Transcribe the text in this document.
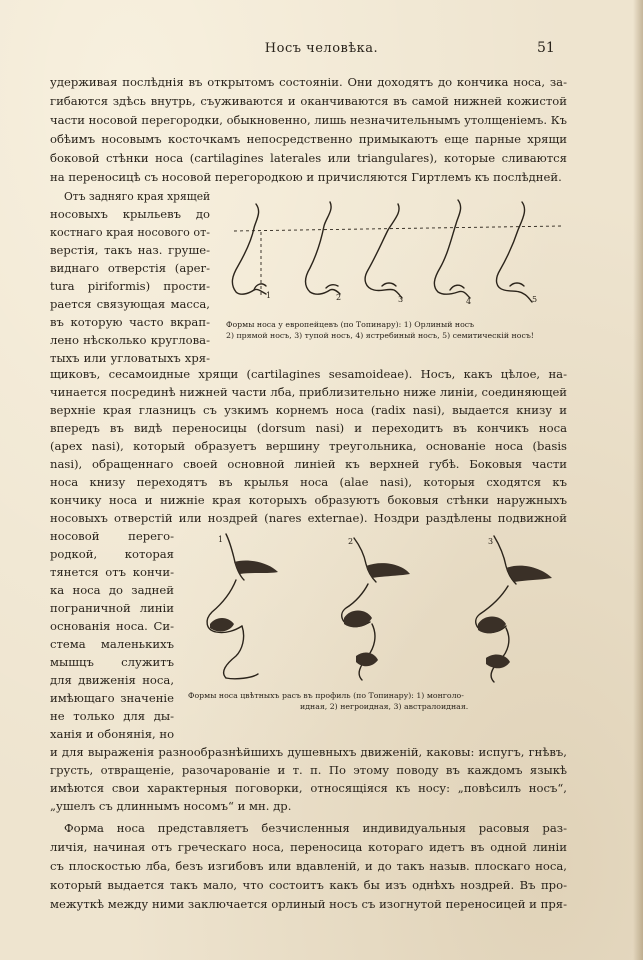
Носъ человѣка.	51
удерживая послѣднія въ открытомъ состояніи. Они доходятъ до кончика носа, за-
гибаются здѣсь внутрь, съуживаются и оканчиваются въ самой нижней кожистой
части носовой перегородки, обыкновенно, лишь незначительнымъ утолщеніемъ. Къ
обѣимъ носовымъ косточкамъ непосредственно примыкаютъ еще парные хрящи
боковой стѣнки носа (cartilagines laterales или triangulares), которые сливаются
на переносицѣ съ носовой перегородкою и причисляются Гиртлемъ къ послѣдней.
Отъ задняго края хрящей
носовыхъ крыльевъ до
костнаго края носового от-
верстія, такъ наз. груше-
виднаго отверстія (aper-
tura piriformis) прости-
рается связующая масса,
въ которую часто вкрап-
лено нѣсколько круглова-
тыхъ или угловатыхъ хря-
1	2	3	4	5
Формы носа у европейцевъ (по Топинару): 1) Орлиный носъ
2) прямой носъ, 3) тупой носъ, 4) ястребиный носъ, 5) семитическій носъ!
щиковъ, сесамоидные хрящи (cartilagines sesamoideae). Носъ, какъ цѣлое, на-
чинается посрединѣ нижней части лба, приблизительно ниже линіи, соединяющей
верхніе края глазницъ съ узкимъ корнемъ носа (radix nasi), выдается книзу и
впередъ въ видѣ переносицы (dorsum nasi) и переходитъ въ кончикъ носа
(apex nasi), который образуетъ вершину треугольника, основаніе носа (basis
nasi), обращеннаго своей основной линіей къ верхней губѣ. Боковыя части
носа книзу переходятъ въ крылья носа (alae nasi), которыя сходятся къ
кончику носа и нижніе края которыхъ образуютъ боковыя стѣнки наружныхъ
носовыхъ отверстій или ноздрей (nares externae). Ноздри раздѣлены подвижной
носовой перего-
родкой, которая
тянется отъ кончи-
ка носа до задней
пограничной линіи
основанія носа. Си-
стема маленькихъ
мышцъ служитъ
для движенія носа,
имѣющаго значеніе
не только для ды-
ханія и обонянія, но
1	2	3
Формы носа цвѣтныхъ расъ въ профиль (по Топинару): 1) монголо-
идная, 2) негроидная, 3) австралоидная.
и для выраженія разнообразнѣйшихъ душевныхъ движеній, каковы: испугъ, гнѣвъ,
грусть, отвращеніе, разочарованіе и т. п. По этому поводу въ каждомъ языкѣ
имѣются свои характерныя поговорки, относящіяся къ носу: „повѣсилъ носъ“,
„ушелъ съ длиннымъ носомъ“ и мн. др.
Форма носа представляетъ безчисленныя индивидуальныя расовыя раз-
личія, начиная отъ греческаго носа, переносица котораго идетъ въ одной линіи
съ плоскостью лба, безъ изгибовъ или вдавленій, и до такъ назыв. плоскаго носа,
который выдается такъ мало, что состоитъ какъ бы изъ однѣхъ ноздрей. Въ про-
межуткѣ между ними заключается орлиный носъ съ изогнутой переносицей и пря-
